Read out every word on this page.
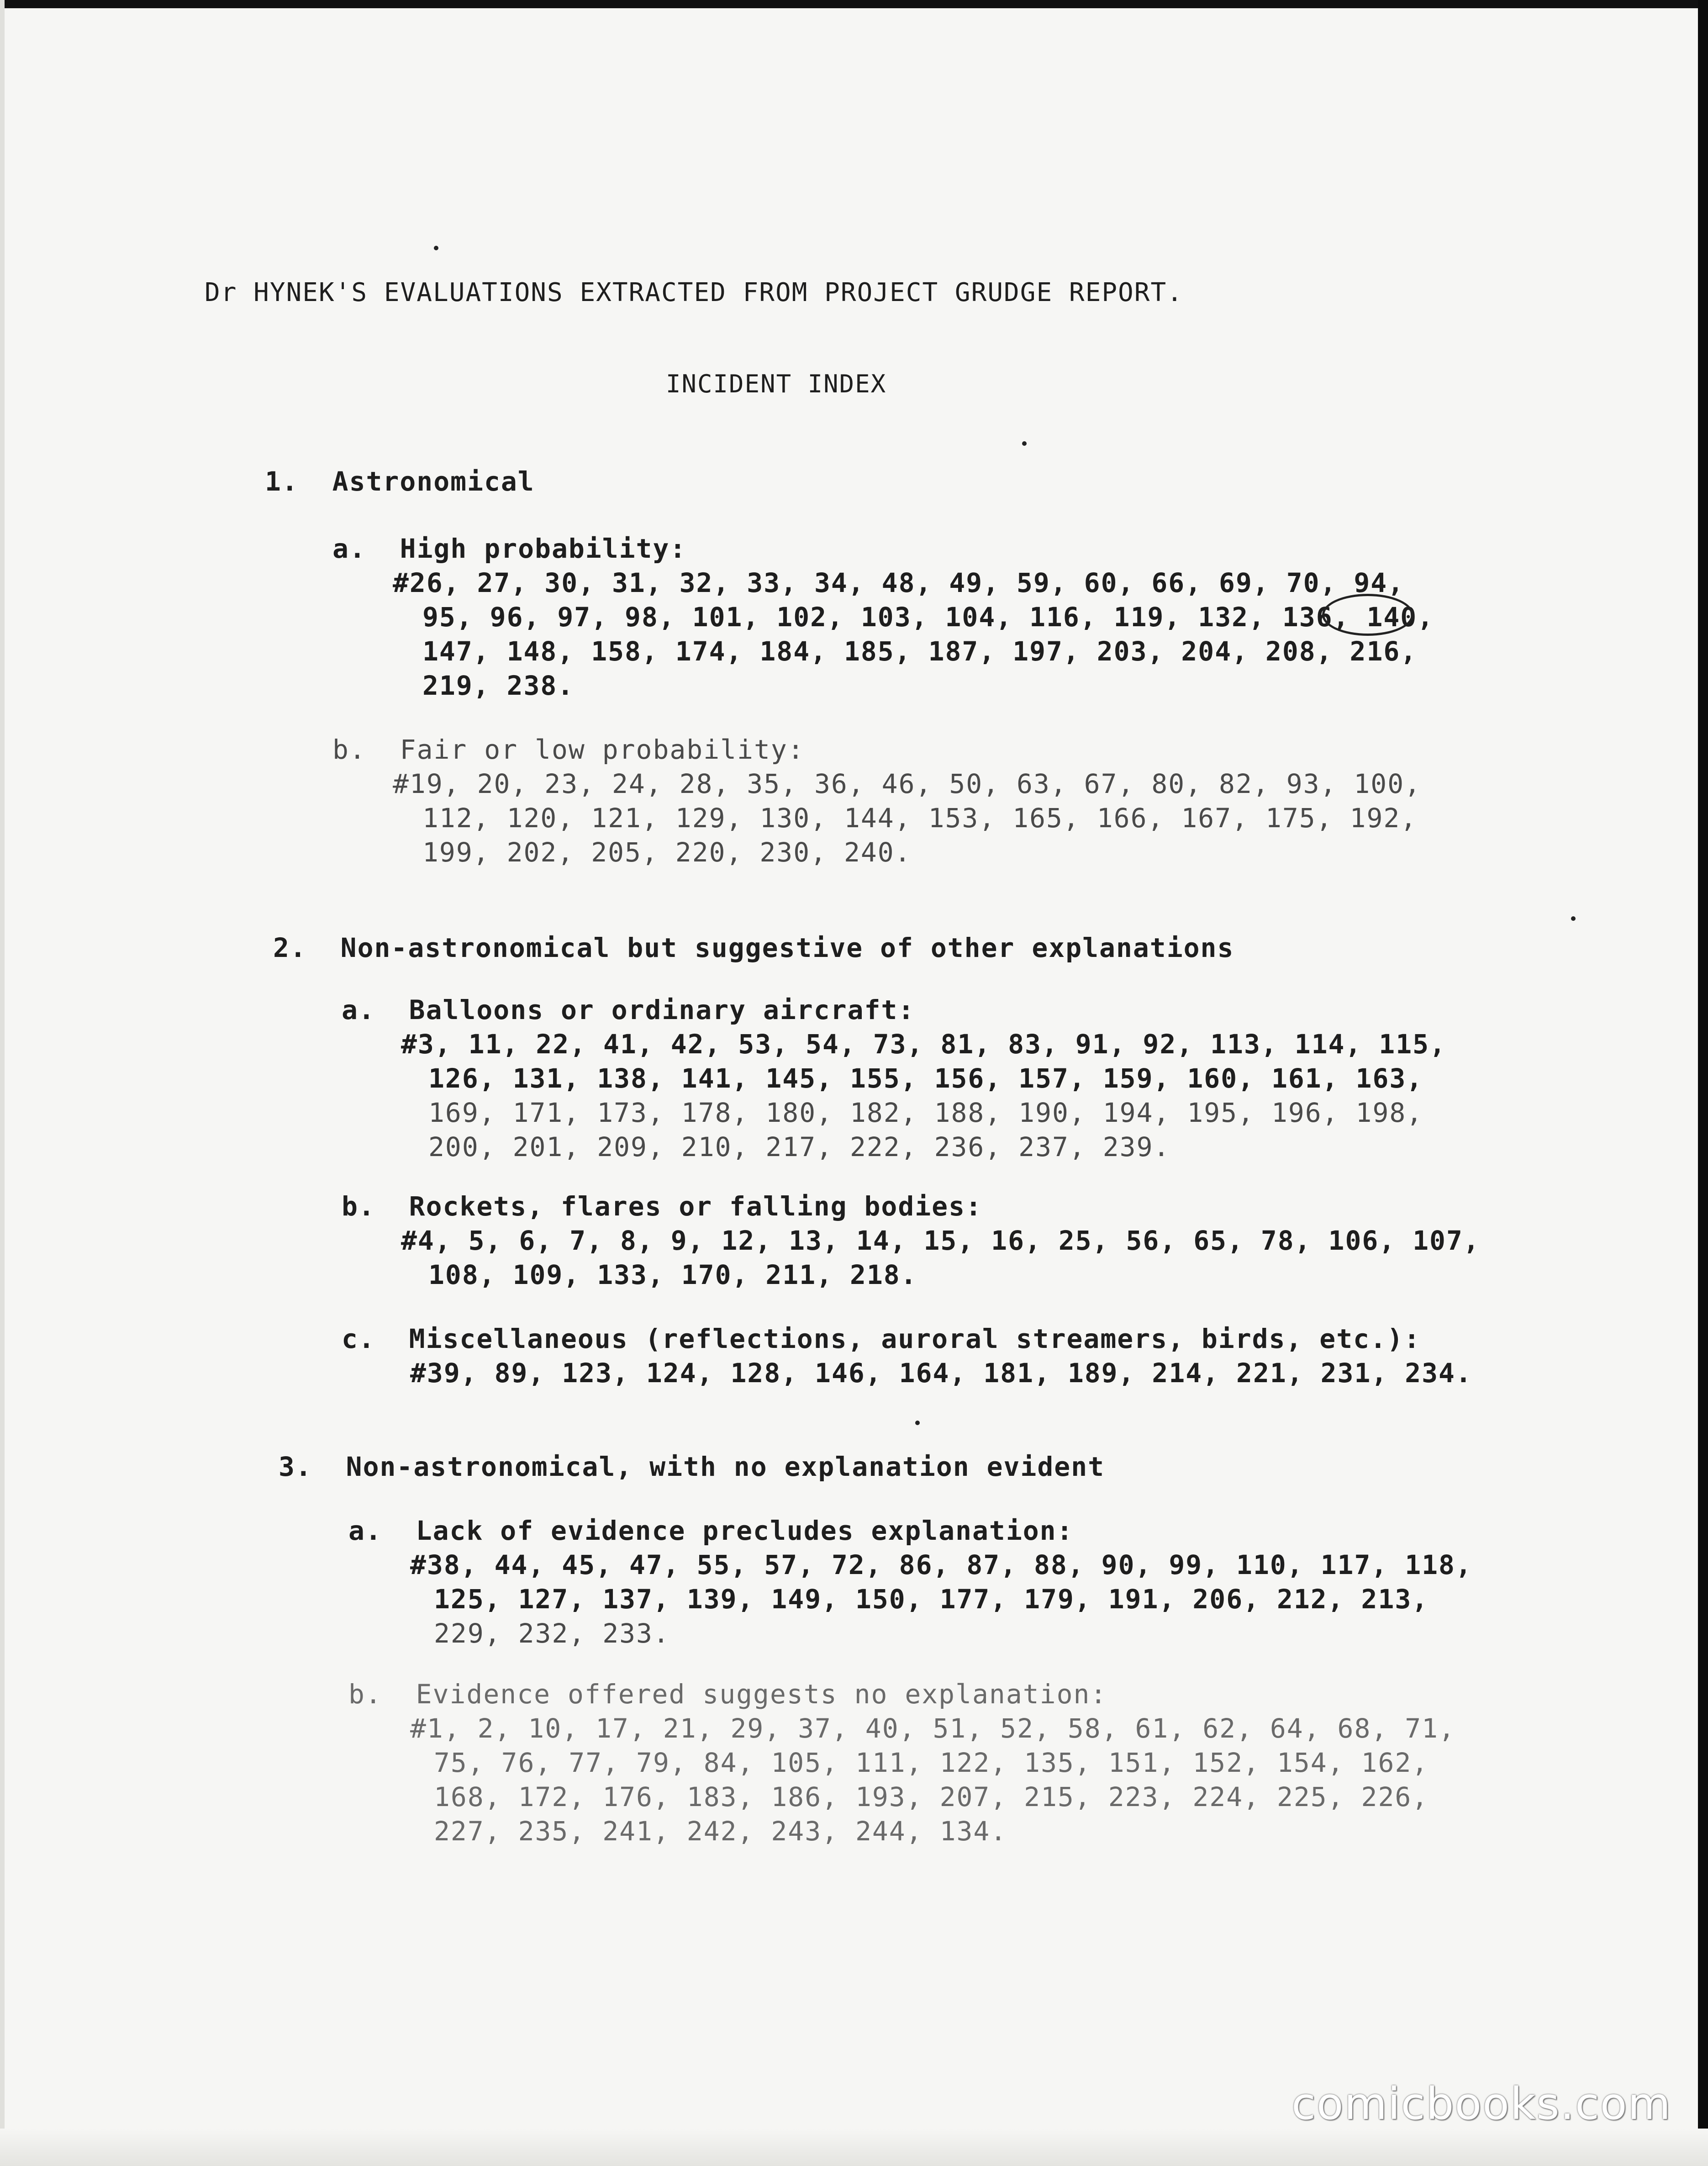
Dr HYNEK'S EVALUATIONS EXTRACTED FROM PROJECT GRUDGE REPORT.
INCIDENT INDEX
1.  Astronomical
a.  High probability:
#26, 27, 30, 31, 32, 33, 34, 48, 49, 59, 60, 66, 69, 70, 94,
95, 96, 97, 98, 101, 102, 103, 104, 116, 119, 132, 136, 140,
147, 148, 158, 174, 184, 185, 187, 197, 203, 204, 208, 216,
219, 238.
b.  Fair or low probability:
#19, 20, 23, 24, 28, 35, 36, 46, 50, 63, 67, 80, 82, 93, 100,
112, 120, 121, 129, 130, 144, 153, 165, 166, 167, 175, 192,
199, 202, 205, 220, 230, 240.
2.  Non-astronomical but suggestive of other explanations
a.  Balloons or ordinary aircraft:
#3, 11, 22, 41, 42, 53, 54, 73, 81, 83, 91, 92, 113, 114, 115,
126, 131, 138, 141, 145, 155, 156, 157, 159, 160, 161, 163,
169, 171, 173, 178, 180, 182, 188, 190, 194, 195, 196, 198,
200, 201, 209, 210, 217, 222, 236, 237, 239.
b.  Rockets, flares or falling bodies:
#4, 5, 6, 7, 8, 9, 12, 13, 14, 15, 16, 25, 56, 65, 78, 106, 107,
108, 109, 133, 170, 211, 218.
c.  Miscellaneous (reflections, auroral streamers, birds, etc.):
#39, 89, 123, 124, 128, 146, 164, 181, 189, 214, 221, 231, 234.
3.  Non-astronomical, with no explanation evident
a.  Lack of evidence precludes explanation:
#38, 44, 45, 47, 55, 57, 72, 86, 87, 88, 90, 99, 110, 117, 118,
125, 127, 137, 139, 149, 150, 177, 179, 191, 206, 212, 213,
229, 232, 233.
b.  Evidence offered suggests no explanation:
#1, 2, 10, 17, 21, 29, 37, 40, 51, 52, 58, 61, 62, 64, 68, 71,
75, 76, 77, 79, 84, 105, 111, 122, 135, 151, 152, 154, 162,
168, 172, 176, 183, 186, 193, 207, 215, 223, 224, 225, 226,
227, 235, 241, 242, 243, 244, 134.
comicbooks.com
